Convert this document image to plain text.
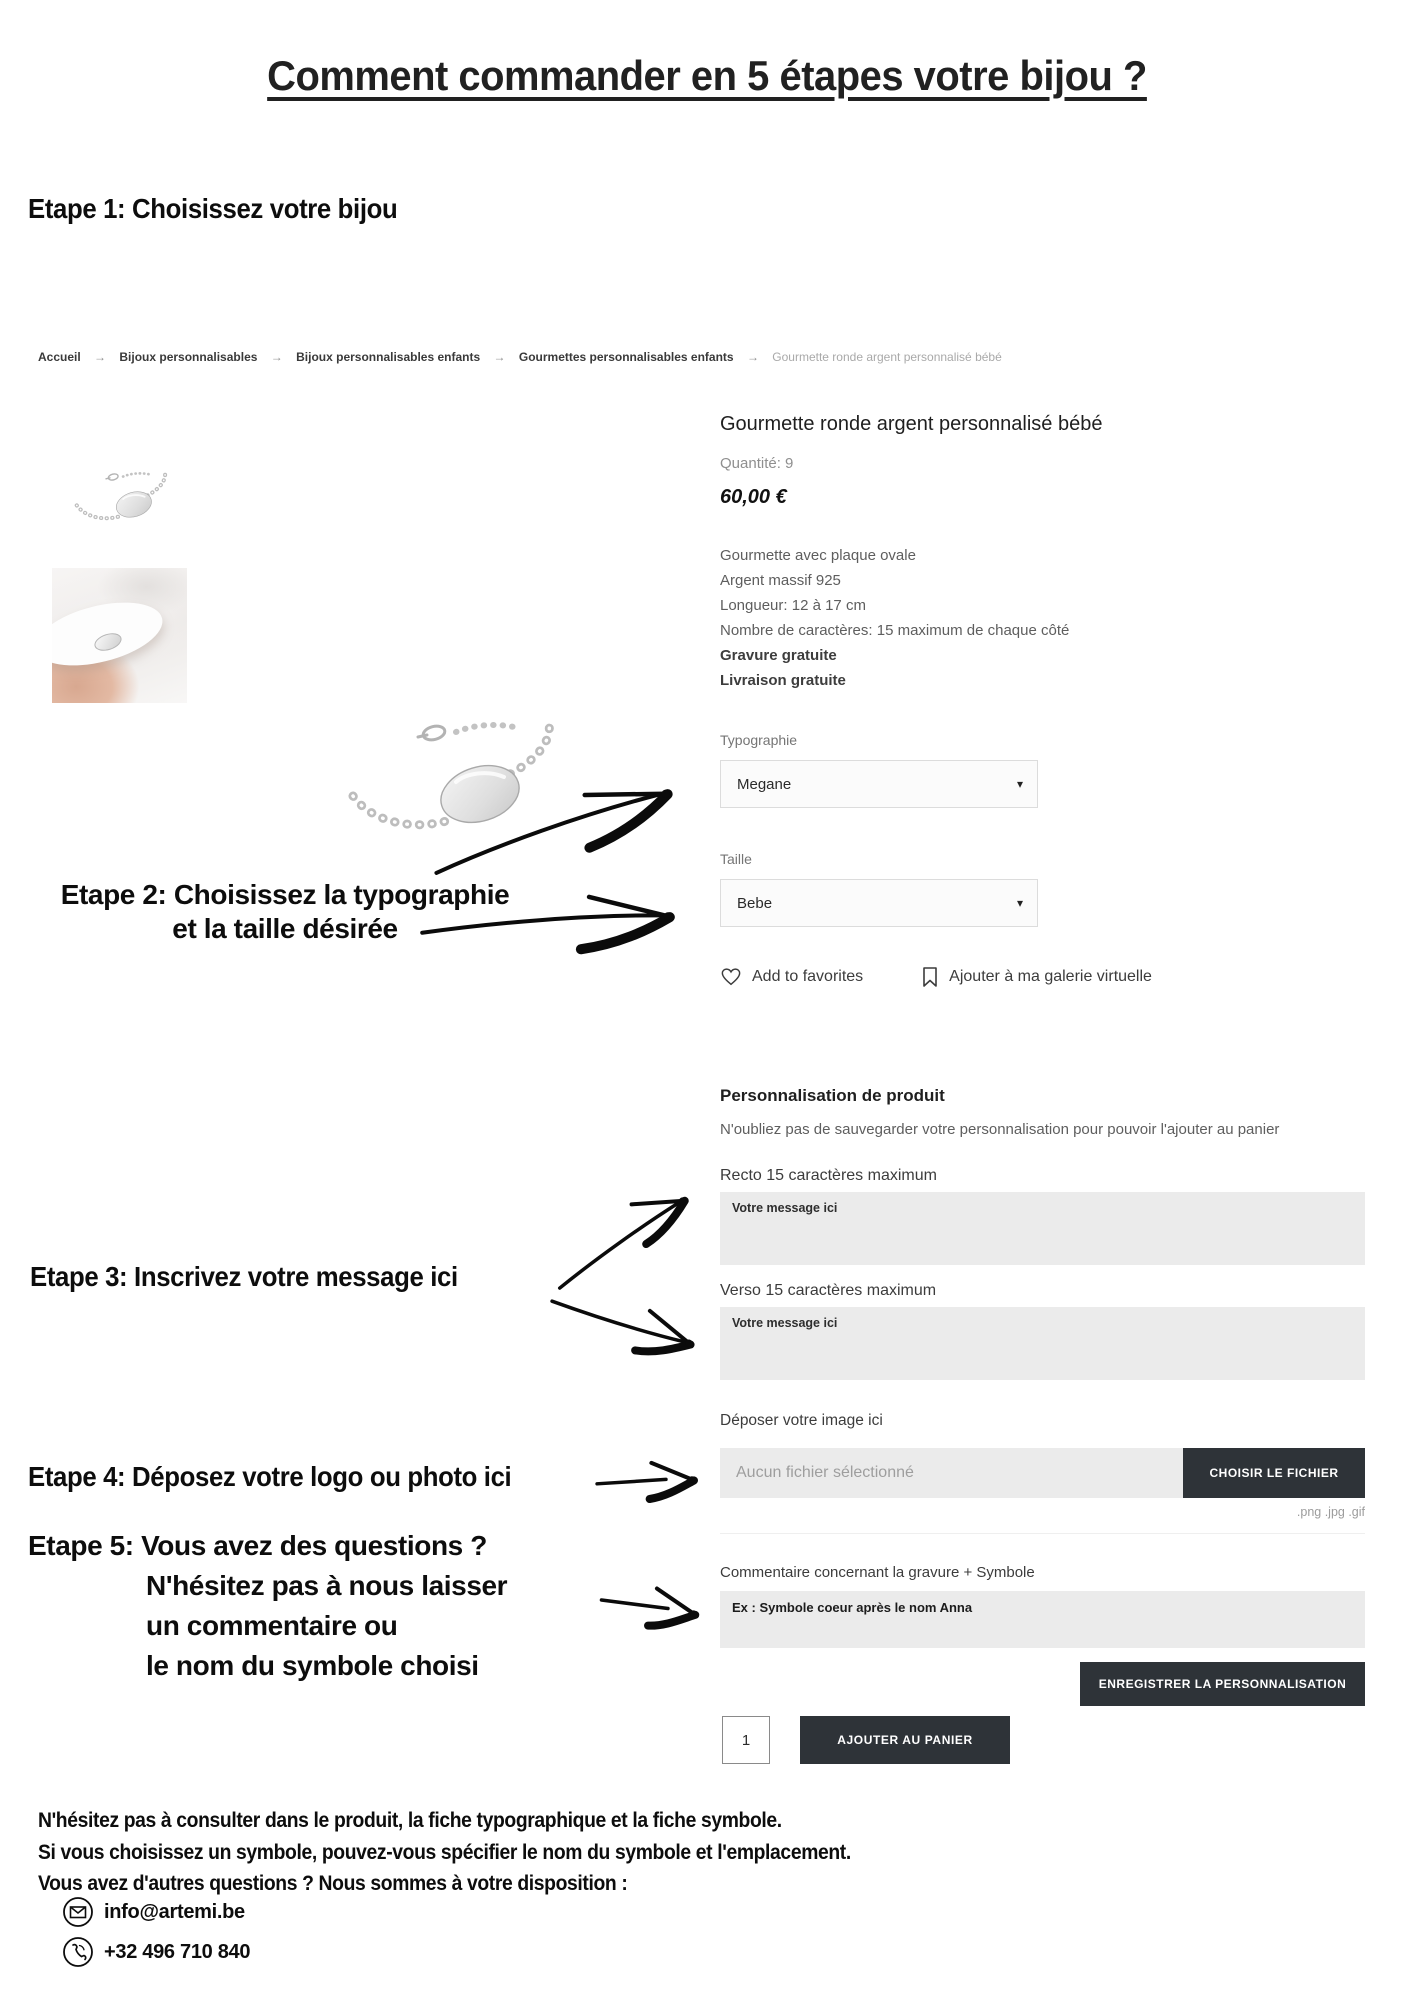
Comment commander en 5 étapes votre bijou ?
Etape 1: Choisissez votre bijou
Accueil → Bijoux personnalisables → Bijoux personnalisables enfants → Gourmettes personnalisables enfants → Gourmette ronde argent personnalisé bébé
Gourmette ronde argent personnalisé bébé
Quantité: 9
60,00 €
Gourmette avec plaque ovale
Argent massif 925
Longueur: 12 à 17 cm
Nombre de caractères: 15 maximum de chaque côté
Gravure gratuite
Livraison gratuite
Typographie
Megane	▾
Taille
Bebe	▾
Add to favorites	Ajouter à ma galerie virtuelle
Personnalisation de produit
N'oubliez pas de sauvegarder votre personnalisation pour pouvoir l'ajouter au panier
Recto 15 caractères maximum
Votre message ici
Verso 15 caractères maximum
Votre message ici
Déposer votre image ici
Aucun fichier sélectionné	CHOISIR LE FICHIER
.png .jpg .gif
Commentaire concernant la gravure + Symbole
Ex : Symbole coeur après le nom Anna
ENREGISTRER LA PERSONNALISATION
1	AJOUTER AU PANIER
Etape 2: Choisissez la typographie
et la taille désirée
Etape 3: Inscrivez votre message ici
Etape 4: Déposez votre logo ou photo ici
Etape 5: Vous avez des questions ?
N'hésitez pas à nous laisser
un commentaire ou
le nom du symbole choisi
N'hésitez pas à consulter dans le produit, la fiche typographique et la fiche symbole.
Si vous choisissez un symbole, pouvez-vous spécifier le nom du symbole et l'emplacement.
Vous avez d'autres questions ? Nous sommes à votre disposition :
info@artemi.be
+32 496 710 840
